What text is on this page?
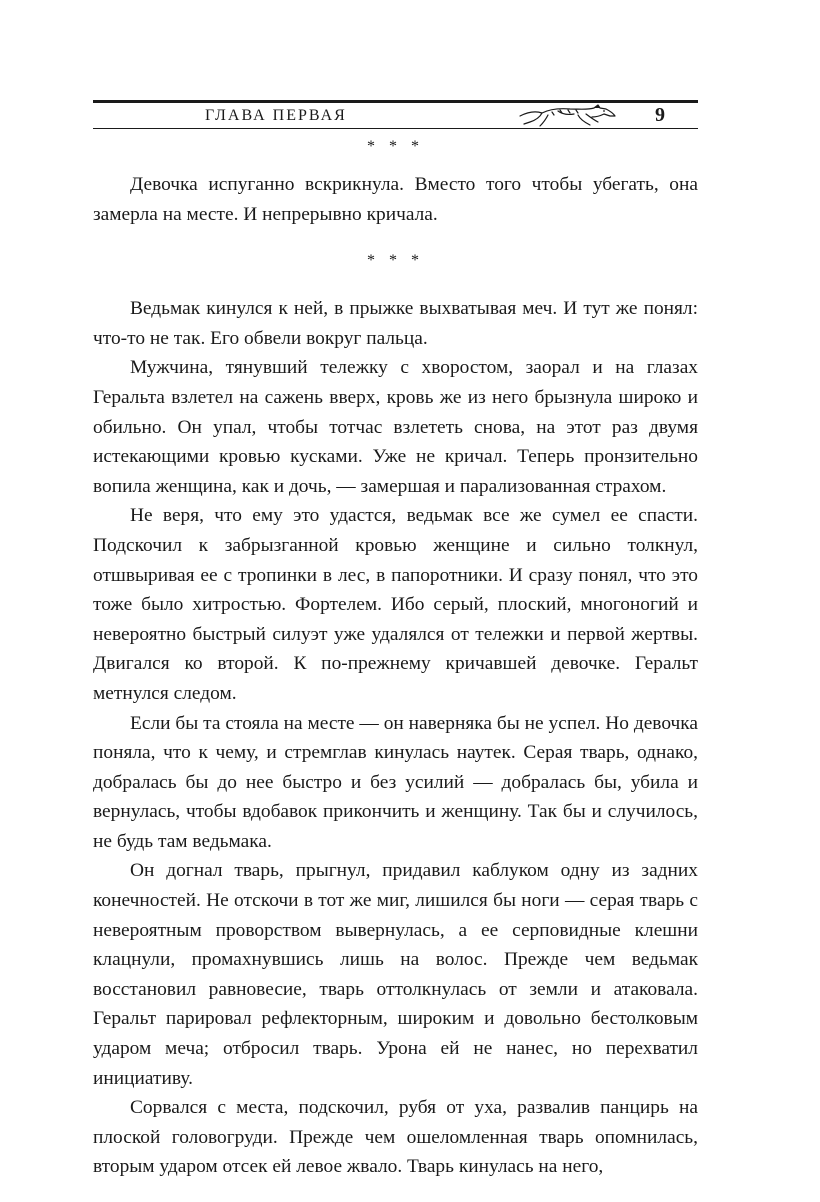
ГЛАВА ПЕРВАЯ	9
* * *

Девочка испуганно вскрикнула. Вместо того чтобы убегать, она замерла на месте. И непрерывно кричала.

* * *

Ведьмак кинулся к ней, в прыжке выхватывая меч. И тут же понял: что-то не так. Его обвели вокруг пальца.

Мужчина, тянувший тележку с хворостом, заорал и на глазах Геральта взлетел на сажень вверх, кровь же из него брызнула широко и обильно. Он упал, чтобы тотчас взлететь снова, на этот раз двумя истекающими кровью кусками. Уже не кричал. Теперь пронзительно вопила женщина, как и дочь, — замершая и парализованная страхом.

Не веря, что ему это удастся, ведьмак все же сумел ее спасти. Подскочил к забрызганной кровью женщине и сильно толкнул, отшвыривая ее с тропинки в лес, в папоротники. И сразу понял, что это тоже было хитростью. Фортелем. Ибо серый, плоский, многоногий и невероятно быстрый силуэт уже удалялся от тележки и первой жертвы. Двигался ко второй. К по-прежнему кричавшей девочке. Геральт метнулся следом.

Если бы та стояла на месте — он наверняка бы не успел. Но девочка поняла, что к чему, и стремглав кинулась наутек. Серая тварь, однако, добралась бы до нее быстро и без усилий — добралась бы, убила и вернулась, чтобы вдобавок прикончить и женщину. Так бы и случилось, не будь там ведьмака.

Он догнал тварь, прыгнул, придавил каблуком одну из задних конечностей. Не отскочи в тот же миг, лишился бы ноги — серая тварь с невероятным проворством вывернулась, а ее серповидные клешни клацнули, промахнувшись лишь на волос. Прежде чем ведьмак восстановил равновесие, тварь оттолкнулась от земли и атаковала. Геральт парировал рефлекторным, широким и довольно бестолковым ударом меча; отбросил тварь. Урона ей не нанес, но перехватил инициативу.

Сорвался с места, подскочил, рубя от уха, развалив панцирь на плоской головогруди. Прежде чем ошеломленная тварь опомнилась, вторым ударом отсек ей левое жвало. Тварь кинулась на него,
